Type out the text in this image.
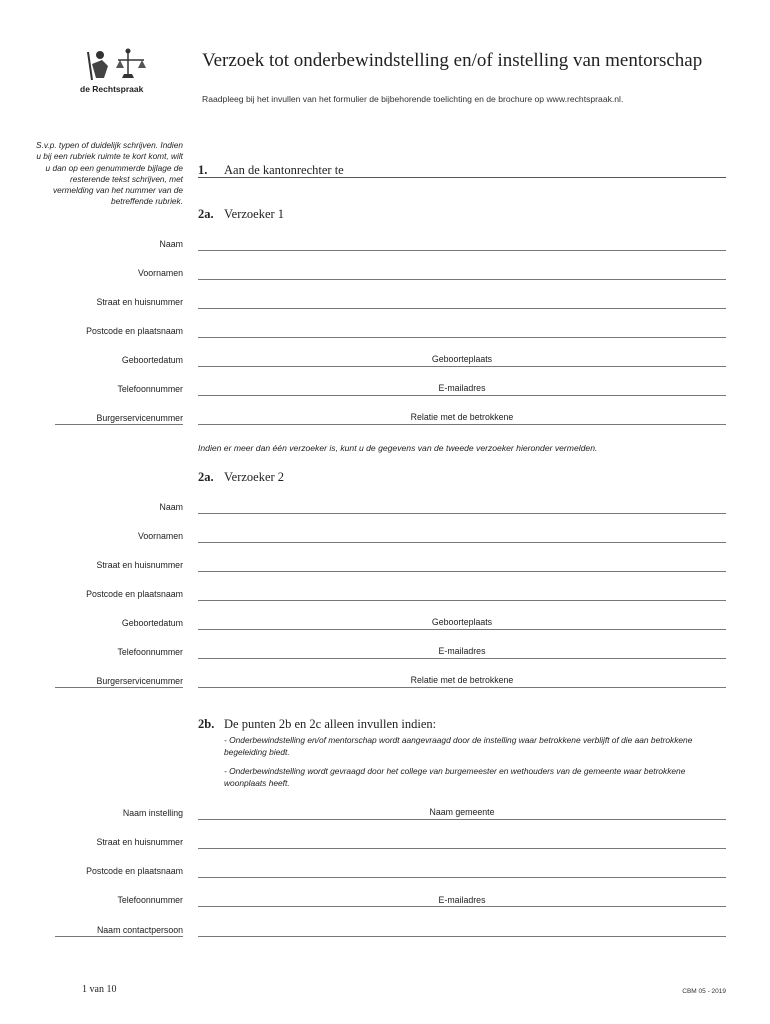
de Rechtspraak
Verzoek tot onderbewindstelling en/of instelling van mentorschap
Raadpleeg bij het invullen van het formulier de bijbehorende toelichting en de brochure op www.rechtspraak.nl.
S.v.p. typen of duidelijk schrijven. Indien u bij een rubriek ruimte te kort komt, wilt u dan op een genummerde bijlage de resterende tekst schrijven, met vermelding van het nummer van de betreffende rubriek.
1. Aan de kantonrechter te
2a. Verzoeker 1
Naam
Voornamen
Straat en huisnummer
Postcode en plaatsnaam
Geboortedatum	Geboorteplaats
Telefoonnummer	E-mailadres
Burgerservicenummer	Relatie met de betrokkene
Indien er meer dan één verzoeker is, kunt u de gegevens van de tweede verzoeker hieronder vermelden.
2a. Verzoeker 2
Naam
Voornamen
Straat en huisnummer
Postcode en plaatsnaam
Geboortedatum	Geboorteplaats
Telefoonnummer	E-mailadres
Burgerservicenummer	Relatie met de betrokkene
2b. De punten 2b en 2c alleen invullen indien:
- Onderbewindstelling en/of mentorschap wordt aangevraagd door de instelling waar betrokkene verblijft of die aan betrokkene begeleiding biedt.
- Onderbewindstelling wordt gevraagd door het college van burgemeester en wethouders van de gemeente waar betrokkene woonplaats heeft.
Naam instelling	Naam gemeente
Straat en huisnummer
Postcode en plaatsnaam
Telefoonnummer	E-mailadres
Naam contactpersoon
1 van 10	CBM 05 - 2019
